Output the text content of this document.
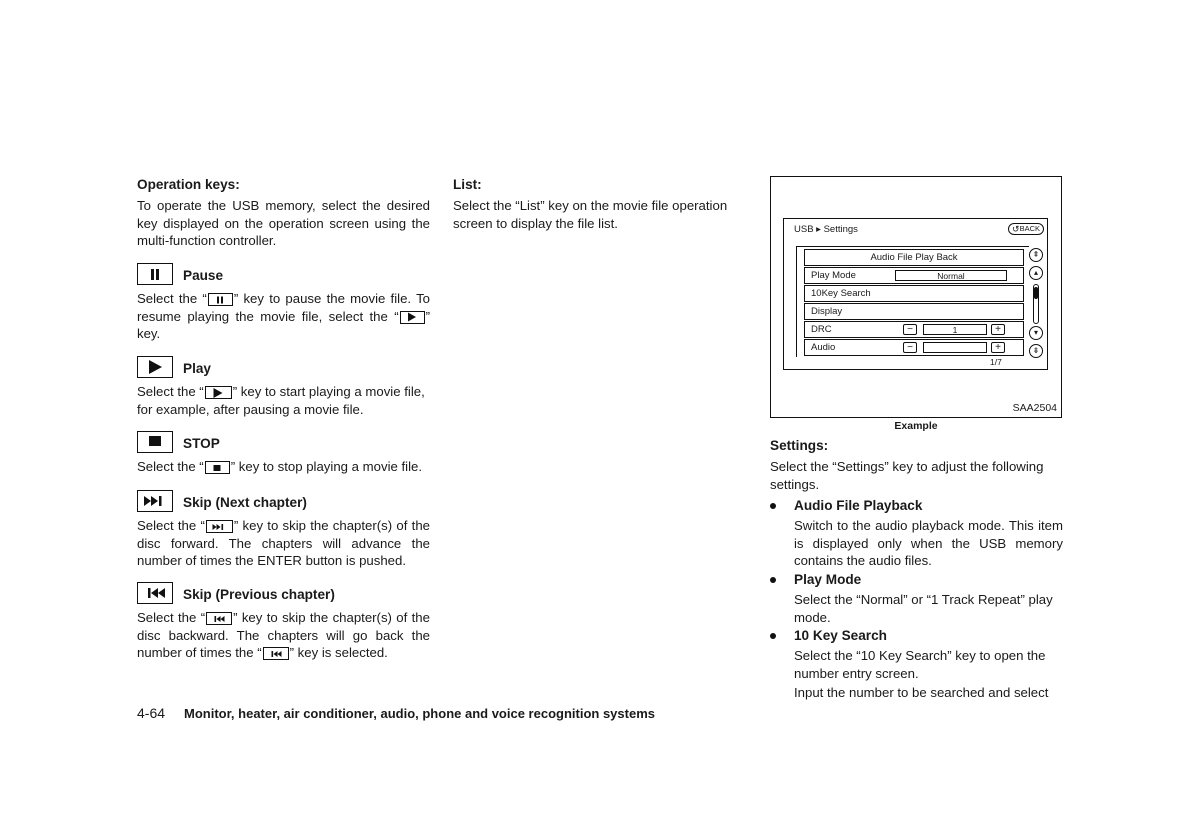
Operation keys:
To operate the USB memory, select the desired key displayed on the operation screen using the multi-function controller.
Pause
Select the “ ” key to pause the movie file. To resume playing the movie file, select the “ ” key.
Play
Select the “ ” key to start playing a movie file, for example, after pausing a movie file.
STOP
Select the “ ” key to stop playing a movie file.
Skip (Next chapter)
Select the “ ” key to skip the chapter(s) of the disc forward. The chapters will advance the number of times the ENTER button is pushed.
Skip (Previous chapter)
Select the “ ” key to skip the chapter(s) of the disc backward. The chapters will go back the number of times the “ ” key is selected.
List:
Select the “List” key on the movie file operation screen to display the file list.	USB ▸ Settings	↺ BACK
Audio File Play Back
Play Mode	Normal
10Key Search
Display
DRC	−	1	+
Audio	−	+
⇞
▴
▾
⇟
1/7
SAA2504
Example
Settings:
Select the “Settings” key to adjust the following settings.
Audio File Playback
Switch to the audio playback mode. This item is displayed only when the USB memory contains the audio files.
Play Mode
Select the “Normal” or “1 Track Repeat” play mode.
10 Key Search
Select the “10 Key Search” key to open the number entry screen.
Input the number to be searched and select
4-64 Monitor, heater, air conditioner, audio, phone and voice recognition systems
